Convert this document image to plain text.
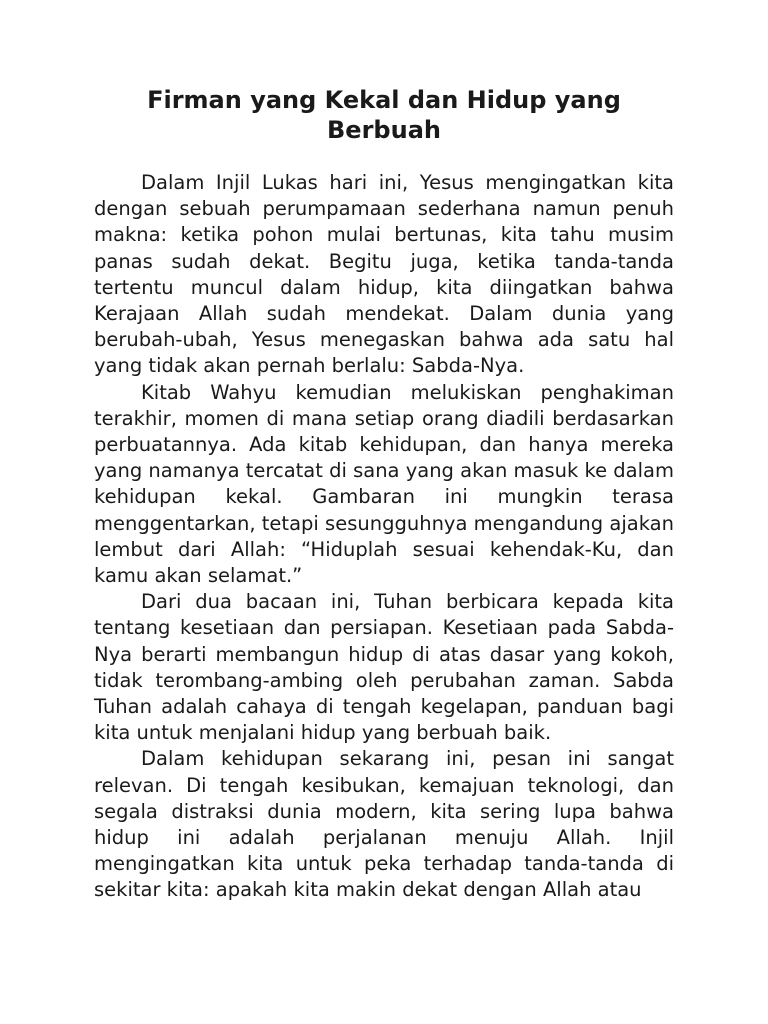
Firman yang Kekal dan Hidup yang Berbuah

Dalam Injil Lukas hari ini, Yesus mengingatkan kita dengan sebuah perumpamaan sederhana namun penuh makna: ketika pohon mulai bertunas, kita tahu musim panas sudah dekat. Begitu juga, ketika tanda-tanda tertentu muncul dalam hidup, kita diingatkan bahwa Kerajaan Allah sudah mendekat. Dalam dunia yang berubah-ubah, Yesus menegaskan bahwa ada satu hal yang tidak akan pernah berlalu: Sabda-Nya.

Kitab Wahyu kemudian melukiskan penghakiman terakhir, momen di mana setiap orang diadili berdasarkan perbuatannya. Ada kitab kehidupan, dan hanya mereka yang namanya tercatat di sana yang akan masuk ke dalam kehidupan kekal. Gambaran ini mungkin terasa menggentarkan, tetapi sesungguhnya mengandung ajakan lembut dari Allah: “Hiduplah sesuai kehendak-Ku, dan kamu akan selamat.”

Dari dua bacaan ini, Tuhan berbicara kepada kita tentang kesetiaan dan persiapan. Kesetiaan pada Sabda-Nya berarti membangun hidup di atas dasar yang kokoh, tidak terombang-ambing oleh perubahan zaman. Sabda Tuhan adalah cahaya di tengah kegelapan, panduan bagi kita untuk menjalani hidup yang berbuah baik.

Dalam kehidupan sekarang ini, pesan ini sangat relevan. Di tengah kesibukan, kemajuan teknologi, dan segala distraksi dunia modern, kita sering lupa bahwa hidup ini adalah perjalanan menuju Allah. Injil mengingatkan kita untuk peka terhadap tanda-tanda di sekitar kita: apakah kita makin dekat dengan Allah atau
